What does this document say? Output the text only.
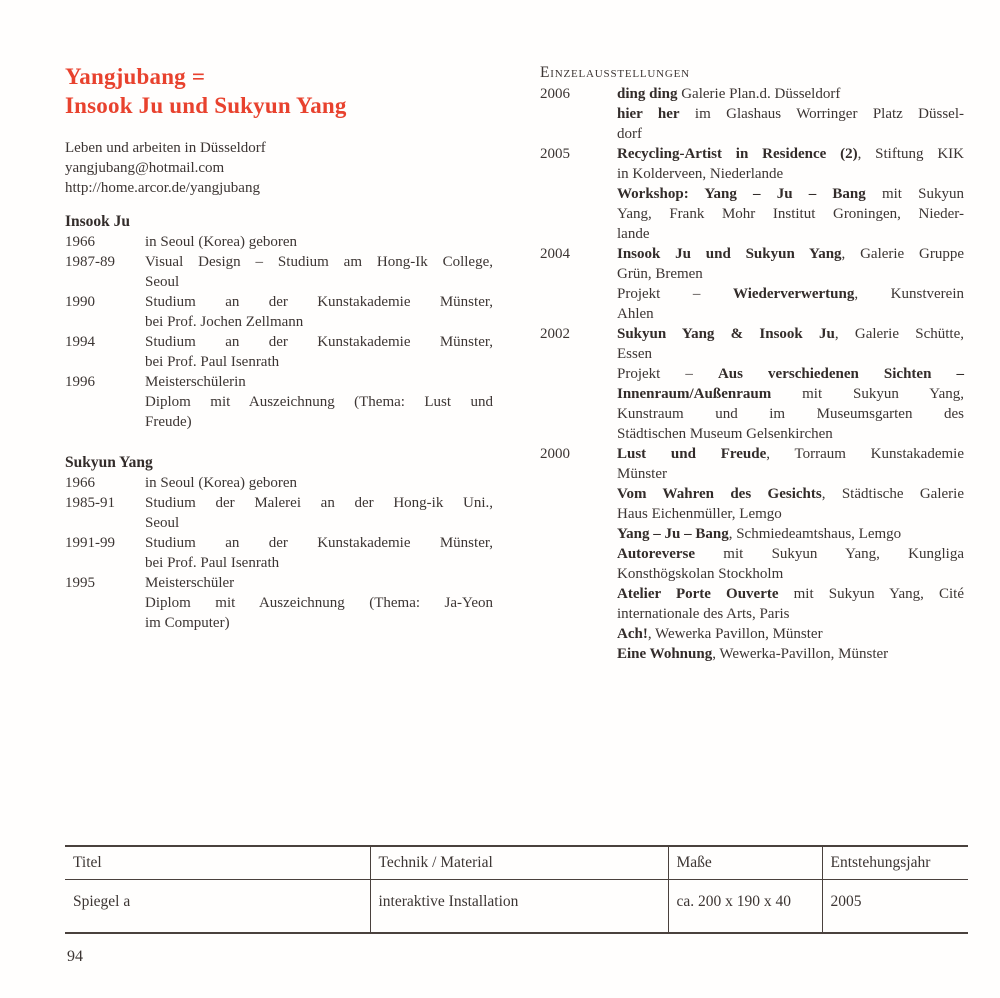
Yangjubang =
Insook Ju und Sukyun Yang
Leben und arbeiten in Düsseldorf
yangjubang@hotmail.com
http://home.arcor.de/yangjubang
Insook Ju
1966	in Seoul (Korea) geboren
1987-89	Visual Design – Studium am Hong-Ik College,
Seoul
1990	Studium an der Kunstakademie Münster,
bei Prof. Jochen Zellmann
1994	Studium an der Kunstakademie Münster,
bei Prof. Paul Isenrath
1996	Meisterschülerin
Diplom mit Auszeichnung (Thema: Lust und
Freude)
Sukyun Yang
1966	in Seoul (Korea) geboren
1985-91	Studium der Malerei an der Hong-ik Uni.,
Seoul
1991-99	Studium an der Kunstakademie Münster,
bei Prof. Paul Isenrath
1995	Meisterschüler
Diplom mit Auszeichnung (Thema: Ja-Yeon
im Computer)
Einzelausstellungen
2006	ding ding Galerie Plan.d. Düsseldorf
hier her im Glashaus Worringer Platz Düssel-
dorf
2005	Recycling-Artist in Residence (2), Stiftung KIK
in Kolderveen, Niederlande
Workshop: Yang – Ju – Bang mit Sukyun
Yang, Frank Mohr Institut Groningen, Nieder-
lande
2004	Insook Ju und Sukyun Yang, Galerie Gruppe
Grün, Bremen
Projekt – Wiederverwertung, Kunstverein
Ahlen
2002	Sukyun Yang & Insook Ju, Galerie Schütte,
Essen
Projekt – Aus verschiedenen Sichten –
Innenraum/Außenraum mit Sukyun Yang,
Kunstraum und im Museumsgarten des
Städtischen Museum Gelsenkirchen
2000	Lust und Freude, Torraum Kunstakademie
Münster
Vom Wahren des Gesichts, Städtische Galerie
Haus Eichenmüller, Lemgo
Yang – Ju – Bang, Schmiedeamtshaus, Lemgo
Autoreverse mit Sukyun Yang, Kungliga
Konsthögskolan Stockholm
Atelier Porte Ouverte mit Sukyun Yang, Cité
internationale des Arts, Paris
Ach!, Wewerka Pavillon, Münster
Eine Wohnung, Wewerka-Pavillon, Münster
Titel	Technik / Material	Maße	Entstehungsjahr
Spiegel a	interaktive Installation	ca. 200 x 190 x 40	2005
94
